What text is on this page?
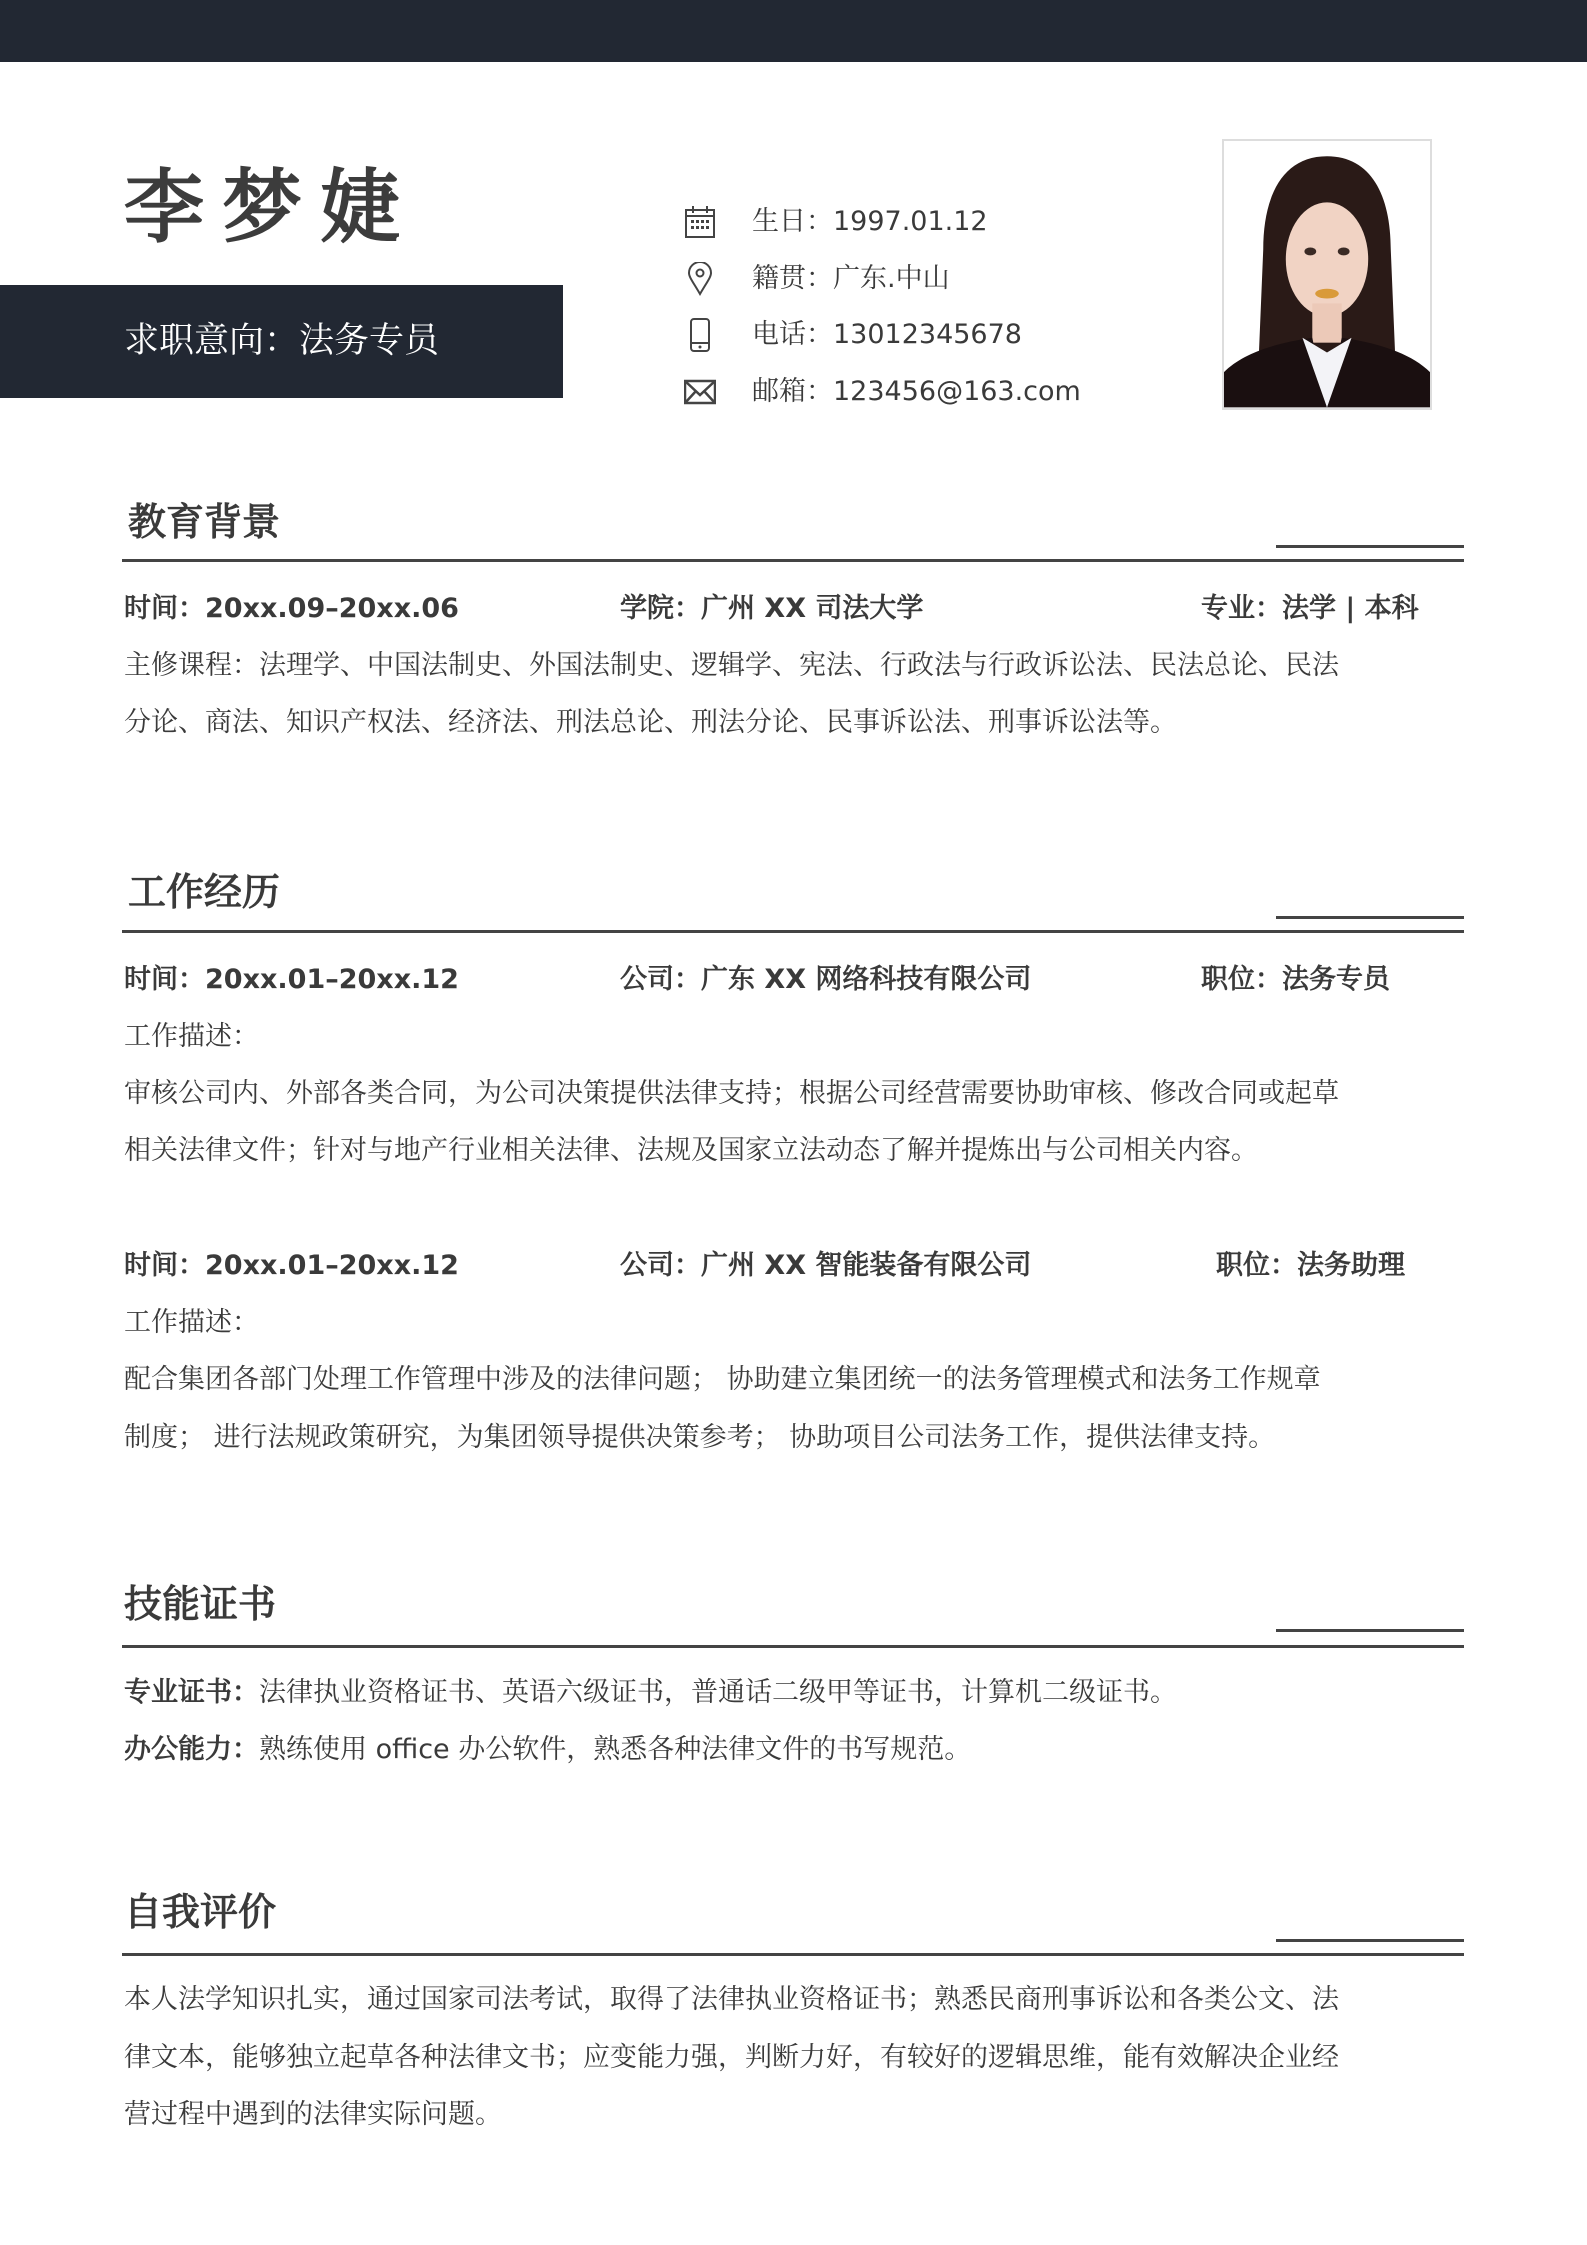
李梦婕
求职意向：法务专员
生日： 1997.01.12
籍贯： 广东.中山
电话： 13012345678
邮箱： 123456@163.com
教育背景
时间：20xx.09–20xx.06	学院：广州 XX 司法大学	专业：法学 | 本科
主修课程：法理学、中国法制史、外国法制史、逻辑学、宪法、行政法与行政诉讼法、民法总论、民法
分论、商法、知识产权法、经济法、刑法总论、刑法分论、民事诉讼法、刑事诉讼法等。
工作经历
时间：20xx.01–20xx.12	公司：广东 XX 网络科技有限公司	职位：法务专员
工作描述：
审核公司内、外部各类合同，为公司决策提供法律支持；根据公司经营需要协助审核、修改合同或起草
相关法律文件；针对与地产行业相关法律、法规及国家立法动态了解并提炼出与公司相关内容。
时间：20xx.01–20xx.12	公司：广州 XX 智能装备有限公司	职位：法务助理
工作描述：
配合集团各部门处理工作管理中涉及的法律问题； 协助建立集团统一的法务管理模式和法务工作规章
制度； 进行法规政策研究，为集团领导提供决策参考； 协助项目公司法务工作，提供法律支持。
技能证书
专业证书：法律执业资格证书、英语六级证书，普通话二级甲等证书，计算机二级证书。
办公能力：熟练使用 office 办公软件，熟悉各种法律文件的书写规范。
自我评价
本人法学知识扎实，通过国家司法考试，取得了法律执业资格证书；熟悉民商刑事诉讼和各类公文、法
律文本，能够独立起草各种法律文书；应变能力强，判断力好，有较好的逻辑思维，能有效解决企业经
营过程中遇到的法律实际问题。
